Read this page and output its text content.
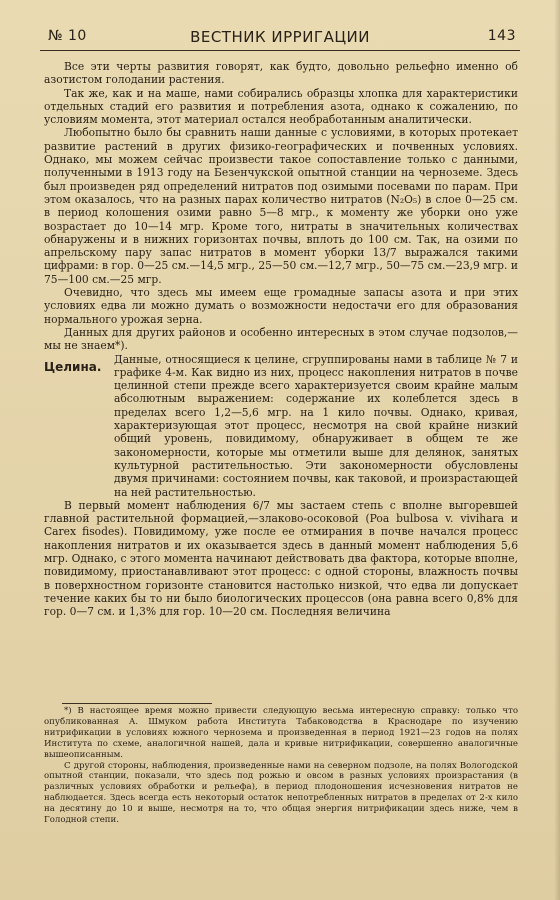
№ 10	ВЕСТНИК ИРРИГАЦИИ	143

Все эти черты развития говорят, как будто, довольно рельефно именно об азотистом голодании растения.

Так же, как и на маше, нами собирались образцы хлопка для характеристики отдельных стадий его развития и потребления азота, однако к сожалению, по условиям момента, этот материал остался необработанным аналитически.

Любопытно было бы сравнить наши данные с условиями, в которых протекает развитие растений в других физико-географических и почвенных условиях. Однако, мы можем сейчас произвести такое сопоставление только с данными, полученными в 1913 году на Безенчукской опытной станции на черноземе. Здесь был произведен ряд определений нитратов под озимыми посевами по парам. При этом оказалось, что на разных парах количество нитратов (N₂O₅) в слое 0—25 см. в период колошения озими равно 5—8 мгр., к моменту же уборки оно уже возрастает до 10—14 мгр. Кроме того, нитраты в значительных количествах обнаружены и в нижних горизонтах почвы, вплоть до 100 см. Так, на озими по апрельскому пару запас нитратов в момент уборки 13/7 выражался такими цифрами: в гор. 0—25 см.—14,5 мгр., 25—50 см.—12,7 мгр., 50—75 см.—23,9 мгр. и 75—100 см.—25 мгр.

Очевидно, что здесь мы имеем еще громадные запасы азота и при этих условиях едва ли можно думать о возможности недостачи его для образования нормального урожая зерна.

Данных для других районов и особенно интересных в этом случае подзолов,—мы не знаем*).

Целина.

Данные, относящиеся к целине, сгруппированы нами в таблице № 7 и графике 4-м. Как видно из них, процесс накопления нитратов в почве целинной степи прежде всего характеризуется своим крайне малым абсолютным выражением: содержание их колеблется здесь в пределах всего 1,2—5,6 мгр. на 1 кило почвы. Однако, кривая, характеризующая этот процесс, несмотря на свой крайне низкий общий уровень, повидимому, обнаруживает в общем те же закономерности, которые мы отметили выше для делянок, занятых культурной растительностью. Эти закономерности обусловлены двумя причинами: состоянием почвы, как таковой, и произрастающей на ней растительностью.

В первый момент наблюдения 6/7 мы застаем степь с вполне выгоревшей главной растительной формацией,—злаково-осоковой (Poa bulbosa v. vivihara и Carex fisodes). Повидимому, уже после ее отмирания в почве начался процесс накопления нитратов и их оказывается здесь в данный момент наблюдения 5,6 мгр. Однако, с этого момента начинают действовать два фактора, которые вполне, повидимому, приостанавливают этот процесс: с одной стороны, влажность почвы в поверхностном горизонте становится настолько низкой, что едва ли допускает течение каких бы то ни было биологических процессов (она равна всего 0,8% для гор. 0—7 см. и 1,3% для гор. 10—20 см. Последняя величина

*) В настоящее время можно привести следующую весьма интересную справку: только что опубликованная А. Шмуком работа Института Табаководства в Краснодаре по изучению нитрификации в условиях южного чернозема и произведенная в период 1921—23 годов на полях Института по схеме, аналогичной нашей, дала и кривые нитрификации, совершенно аналогичные вышеописанным.

С другой стороны, наблюдения, произведенные нами на северном подзоле, на полях Вологодской опытной станции, показали, что здесь под рожью и овсом в разных условиях произрастания (в различных условиях обработки и рельефа), в период плодоношения исчезновения нитратов не наблюдается. Здесь всегда есть некоторый остаток непотребленных нитратов в пределах от 2-х кило на десятину до 10 и выше, несмотря на то, что общая энергия нитрификации здесь ниже, чем в Голодной степи.
